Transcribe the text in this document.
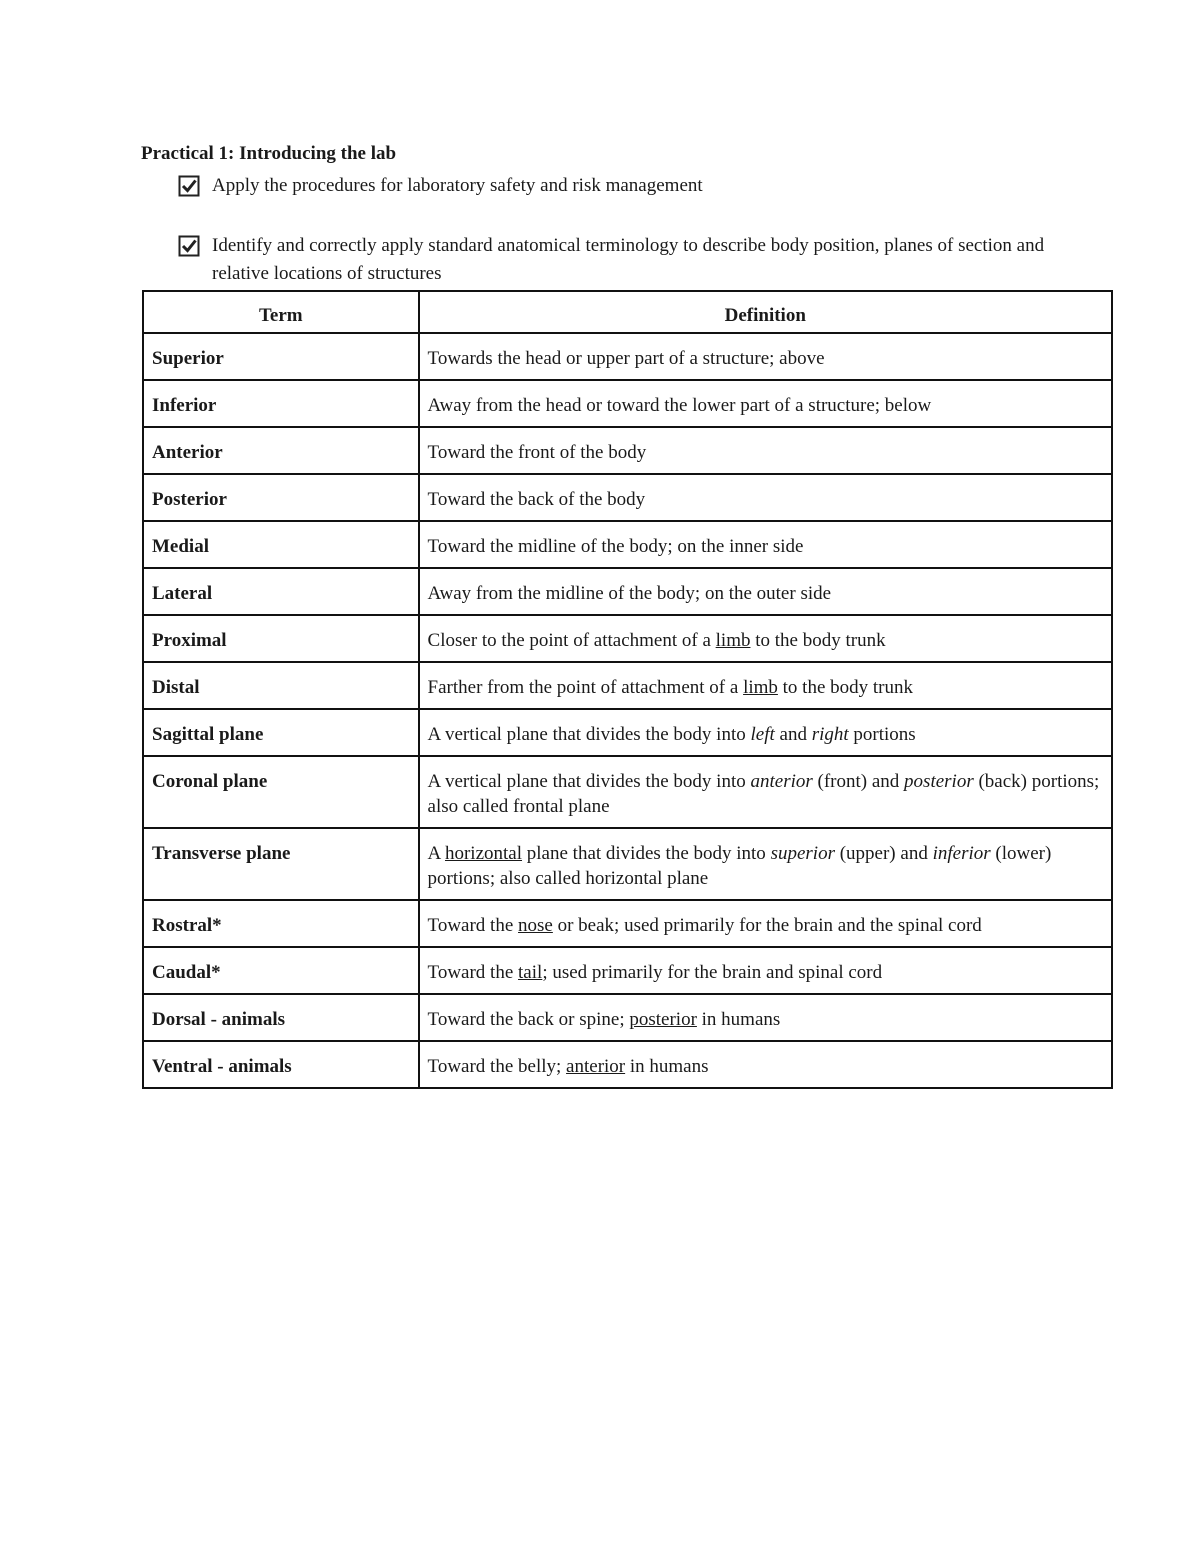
Practical 1: Introducing the lab
Apply the procedures for laboratory safety and risk management
Identify and correctly apply standard anatomical terminology to describe body position, planes of section and relative locations of structures
Term	Definition
Superior	Towards the head or upper part of a structure; above
Inferior	Away from the head or toward the lower part of a structure; below
Anterior	Toward the front of the body
Posterior	Toward the back of the body
Medial	Toward the midline of the body; on the inner side
Lateral	Away from the midline of the body; on the outer side
Proximal	Closer to the point of attachment of a limb to the body trunk
Distal	Farther from the point of attachment of a limb to the body trunk
Sagittal plane	A vertical plane that divides the body into left and right portions
Coronal plane	A vertical plane that divides the body into anterior (front) and posterior (back) portions; also called frontal plane
Transverse plane	A horizontal plane that divides the body into superior (upper) and inferior (lower) portions; also called horizontal plane
Rostral*	Toward the nose or beak; used primarily for the brain and the spinal cord
Caudal*	Toward the tail; used primarily for the brain and spinal cord
Dorsal - animals	Toward the back or spine; posterior in humans
Ventral - animals	Toward the belly; anterior in humans
